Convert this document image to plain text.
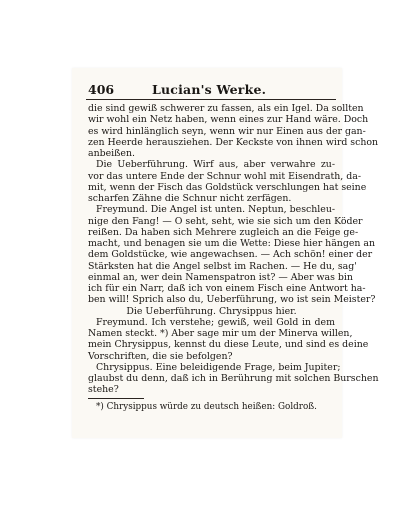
406	Lucian's Werke.
die sind gewiß schwerer zu fassen, als ein Igel. Da sollten
wir wohl ein Netz haben, wenn eines zur Hand wäre. Doch
es wird hinlänglich seyn, wenn wir nur Einen aus der gan-
zen Heerde herausziehen. Der Keckste von ihnen wird schon
anbeißen.
Die Ueberführung. Wirf aus, aber verwahre zu-
vor das untere Ende der Schnur wohl mit Eisendrath, da-
mit, wenn der Fisch das Goldstück verschlungen hat seine
scharfen Zähne die Schnur nicht zerfägen.
Freymund. Die Angel ist unten. Neptun, beschleu-
nige den Fang! — O seht, seht, wie sie sich um den Köder
reißen. Da haben sich Mehrere zugleich an die Feige ge-
macht, und benagen sie um die Wette: Diese hier hängen an
dem Goldstücke, wie angewachsen. — Ach schön! einer der
Stärksten hat die Angel selbst im Rachen. — He du, sag'
einmal an, wer dein Namenspatron ist? — Aber was bin
ich für ein Narr, daß ich von einem Fisch eine Antwort ha-
ben will! Sprich also du, Ueberführung, wo ist sein Meister?
Die Ueberführung. Chrysippus hier.
Freymund. Ich verstehe; gewiß, weil Gold in dem
Namen steckt. *) Aber sage mir um der Minerva willen,
mein Chrysippus, kennst du diese Leute, und sind es deine
Vorschriften, die sie befolgen?
Chrysippus. Eine beleidigende Frage, beim Jupiter;
glaubst du denn, daß ich in Berührung mit solchen Burschen
stehe?
*) Chrysippus würde zu deutsch heißen: Goldroß.
